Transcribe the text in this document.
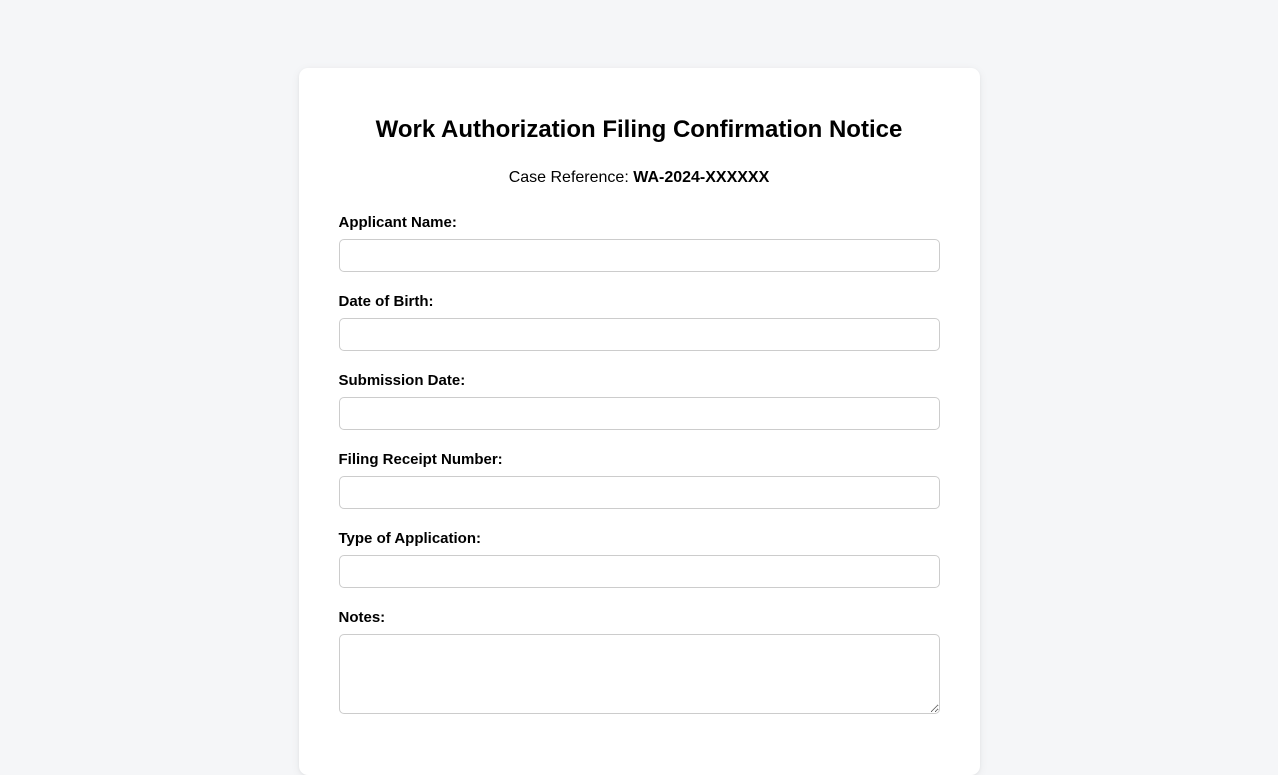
Work Authorization Filing Confirmation Notice

Case Reference: WA-2024-XXXXXX

Applicant Name:
Date of Birth:
Submission Date:
Filing Receipt Number:
Type of Application:
Notes:
